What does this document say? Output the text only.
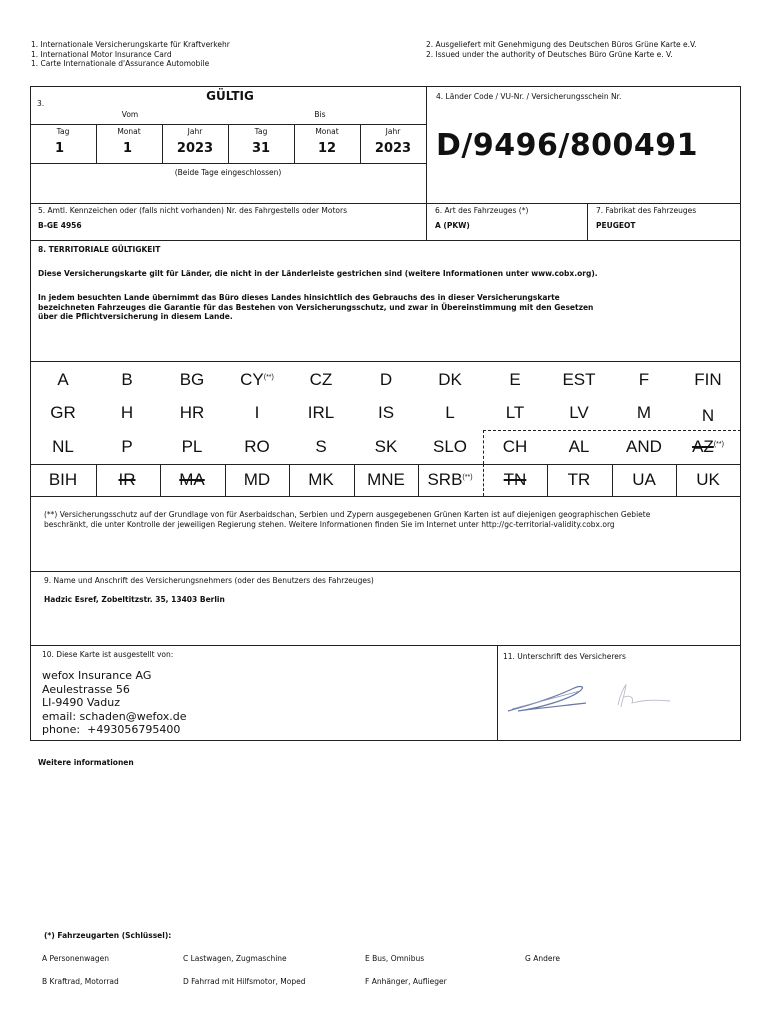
1. Internationale Versicherungskarte für Kraftverkehr
1. International Motor Insurance Card
1. Carte Internationale d'Assurance Automobile
2. Ausgeliefert mit Genehmigung des Deutschen Büros Grüne Karte e.V.
2. Issued under the authority of Deutsches Büro Grüne Karte e. V.
3.
GÜLTIG
Vom	Bis
Tag	Monat	Jahr	Tag	Monat	Jahr
1	1	2023	31	12	2023
(Beide Tage eingeschlossen)
4. Länder Code / VU-Nr. / Versicherungsschein Nr.
D/9496/800491
5. Amtl. Kennzeichen oder (falls nicht vorhanden) Nr. des Fahrgestells oder Motors
B-GE 4956
6. Art des Fahrzeuges (*)
A (PKW)
7. Fabrikat des Fahrzeuges
PEUGEOT
8. TERRITORIALE GÜLTIGKEIT
Diese Versicherungskarte gilt für Länder, die nicht in der Länderleiste gestrichen sind (weitere Informationen unter www.cobx.org).
In jedem besuchten Lande übernimmt das Büro dieses Landes hinsichtlich des Gebrauchs des in dieser Versicherungskarte
bezeichneten Fahrzeuges die Garantie für das Bestehen von Versicherungsschutz, und zwar in Übereinstimmung mit den Gesetzen
über die Pflichtversicherung in diesem Lande.
A	B	BG	CY(**)	CZ	D	DK	E	EST	F	FIN
GR	H	HR	I	IRL	IS	L	LT	LV	M	N
NL	P	PL	RO	S	SK	SLO	CH	AL	AND	AZ(**)
BIH	IR	MA	MD	MK	MNE	SRB(**)	TN	TR	UA	UK
(**) Versicherungsschutz auf der Grundlage von für Aserbaidschan, Serbien und Zypern ausgegebenen Grünen Karten ist auf diejenigen geographischen Gebiete
beschränkt, die unter Kontrolle der jeweiligen Regierung stehen. Weitere Informationen finden Sie im Internet unter http://gc-territorial-validity.cobx.org
9. Name und Anschrift des Versicherungsnehmers (oder des Benutzers des Fahrzeuges)
Hadzic Esref, Zobeltitzstr. 35, 13403 Berlin
10. Diese Karte ist ausgestellt von:
wefox Insurance AG
Aeulestrasse 56
LI-9490 Vaduz
email: schaden@wefox.de
phone:  +493056795400
11. Unterschrift des Versicherers
Weitere informationen
(*) Fahrzeugarten (Schlüssel):
A Personenwagen	C Lastwagen, Zugmaschine	E Bus, Omnibus	G Andere
B Kraftrad, Motorrad	D Fahrrad mit Hilfsmotor, Moped	F Anhänger, Auflieger
